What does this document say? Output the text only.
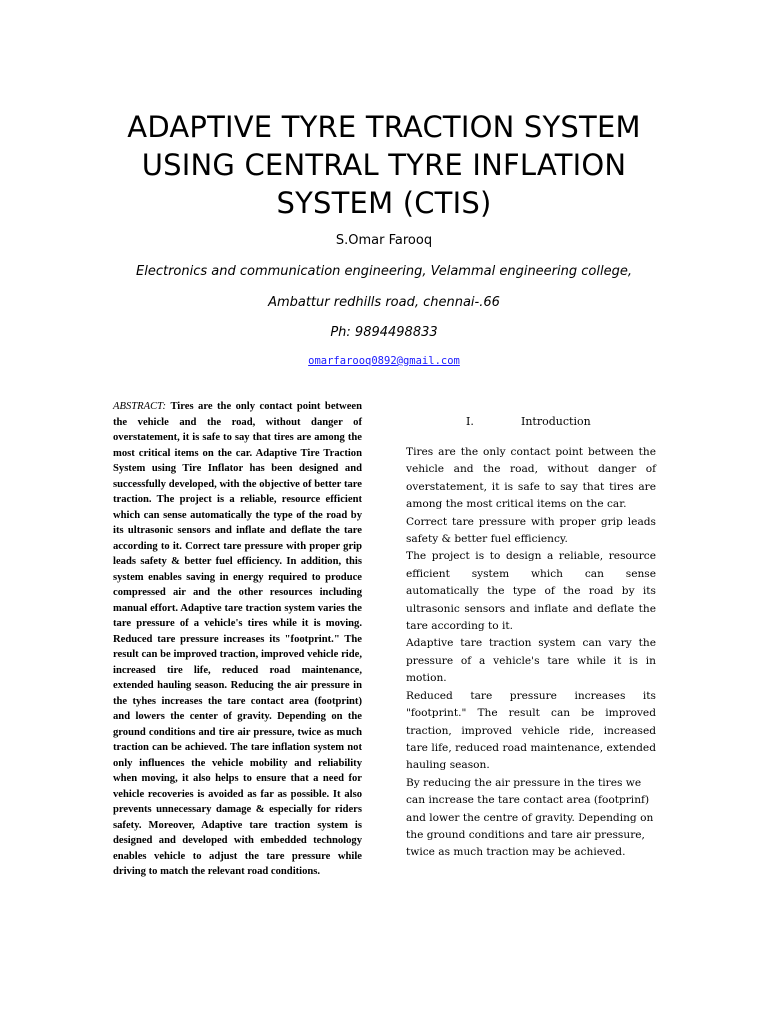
ADAPTIVE TYRE TRACTION SYSTEM
USING CENTRAL TYRE INFLATION
SYSTEM (CTIS)
S.Omar Farooq
Electronics and communication engineering, Velammal engineering college,
Ambattur redhills road, chennai-.66
Ph: 9894498833
omarfarooq0892@gmail.com
ABSTRACT: Tires are the only contact point between the vehicle and the road, without danger of overstatement, it is safe to say that tires are among the most critical items on the car. Adaptive Tire Traction System using Tire Inflator has been designed and successfully developed, with the objective of better tare traction. The project is a reliable, resource efficient which can sense automatically the type of the road by its ultrasonic sensors and inflate and deflate the tare according to it. Correct tare pressure with proper grip leads safety & better fuel efficiency. In addition, this system enables saving in energy required to produce compressed air and the other resources including manual effort. Adaptive tare traction system varies the tare pressure of a vehicle's tires while it is moving. Reduced tare pressure increases its "footprint." The result can be improved traction, improved vehicle ride, increased tire life, reduced road maintenance, extended hauling season. Reducing the air pressure in the tyhes increases the tare contact area (footprint) and lowers the center of gravity. Depending on the ground conditions and tire air pressure, twice as much traction can be achieved. The tare inflation system not only influences the vehicle mobility and reliability when moving, it also helps to ensure that a need for vehicle recoveries is avoided as far as possible. It also prevents unnecessary damage & especially for riders safety. Moreover, Adaptive tare traction system is designed and developed with embedded technology enables vehicle to adjust the tare pressure while driving to match the relevant road conditions.
I.	Introduction

Tires are the only contact point between the vehicle and the road, without danger of overstatement, it is safe to say that tires are among the most critical items on the car.

Correct tare pressure with proper grip leads safety & better fuel efficiency.

The project is to design a reliable, resource efficient system which can sense automatically the type of the road by its ultrasonic sensors and inflate and deflate the tare according to it.

Adaptive tare traction system can vary the pressure of a vehicle's tare while it is in motion.

Reduced tare pressure increases its "footprint." The result can be improved traction, improved vehicle ride, increased tare life, reduced road maintenance, extended hauling season.

By reducing the air pressure in the tires we can increase the tare contact area (footprinf) and lower the centre of gravity. Depending on the ground conditions and tare air pressure, twice as much traction may be achieved.
